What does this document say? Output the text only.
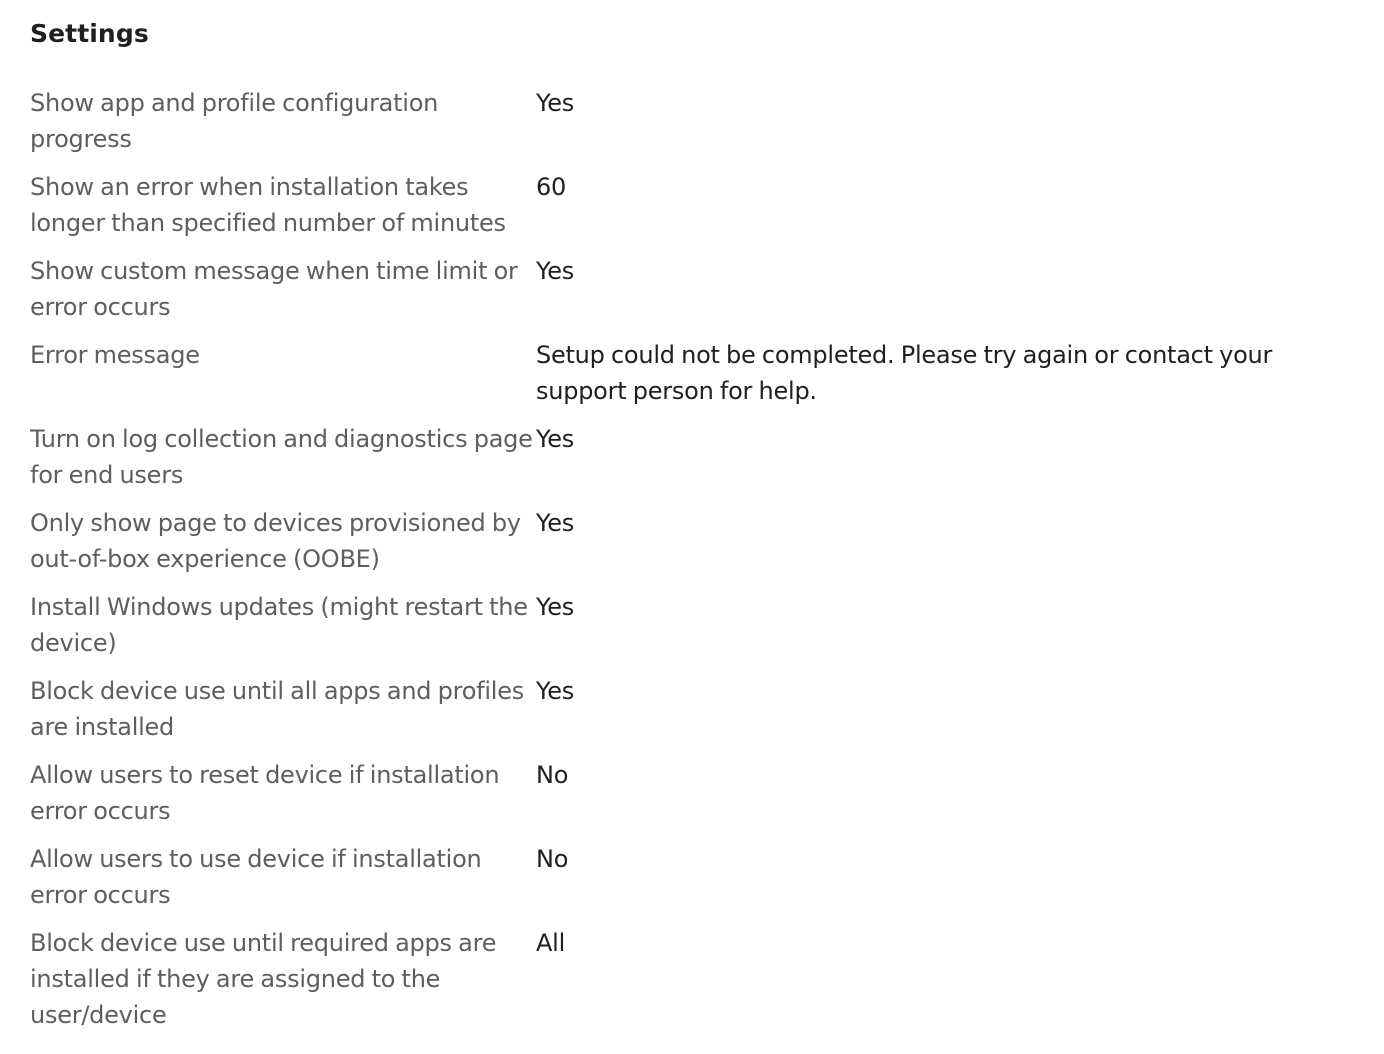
Settings
Show app and profile configuration progress
Yes
Show an error when installation takes longer than specified number of minutes
60
Show custom message when time limit or error occurs
Yes
Error message	Setup could not be completed. Please try again or contact your support person for help.
Turn on log collection and diagnostics page for end users
Yes
Only show page to devices provisioned by out-of-box experience (OOBE)
Yes
Install Windows updates (might restart the device)
Yes
Block device use until all apps and profiles are installed
Yes
Allow users to reset device if installation error occurs
No
Allow users to use device if installation error occurs
No
Block device use until required apps are installed if they are assigned to the user/device
All
